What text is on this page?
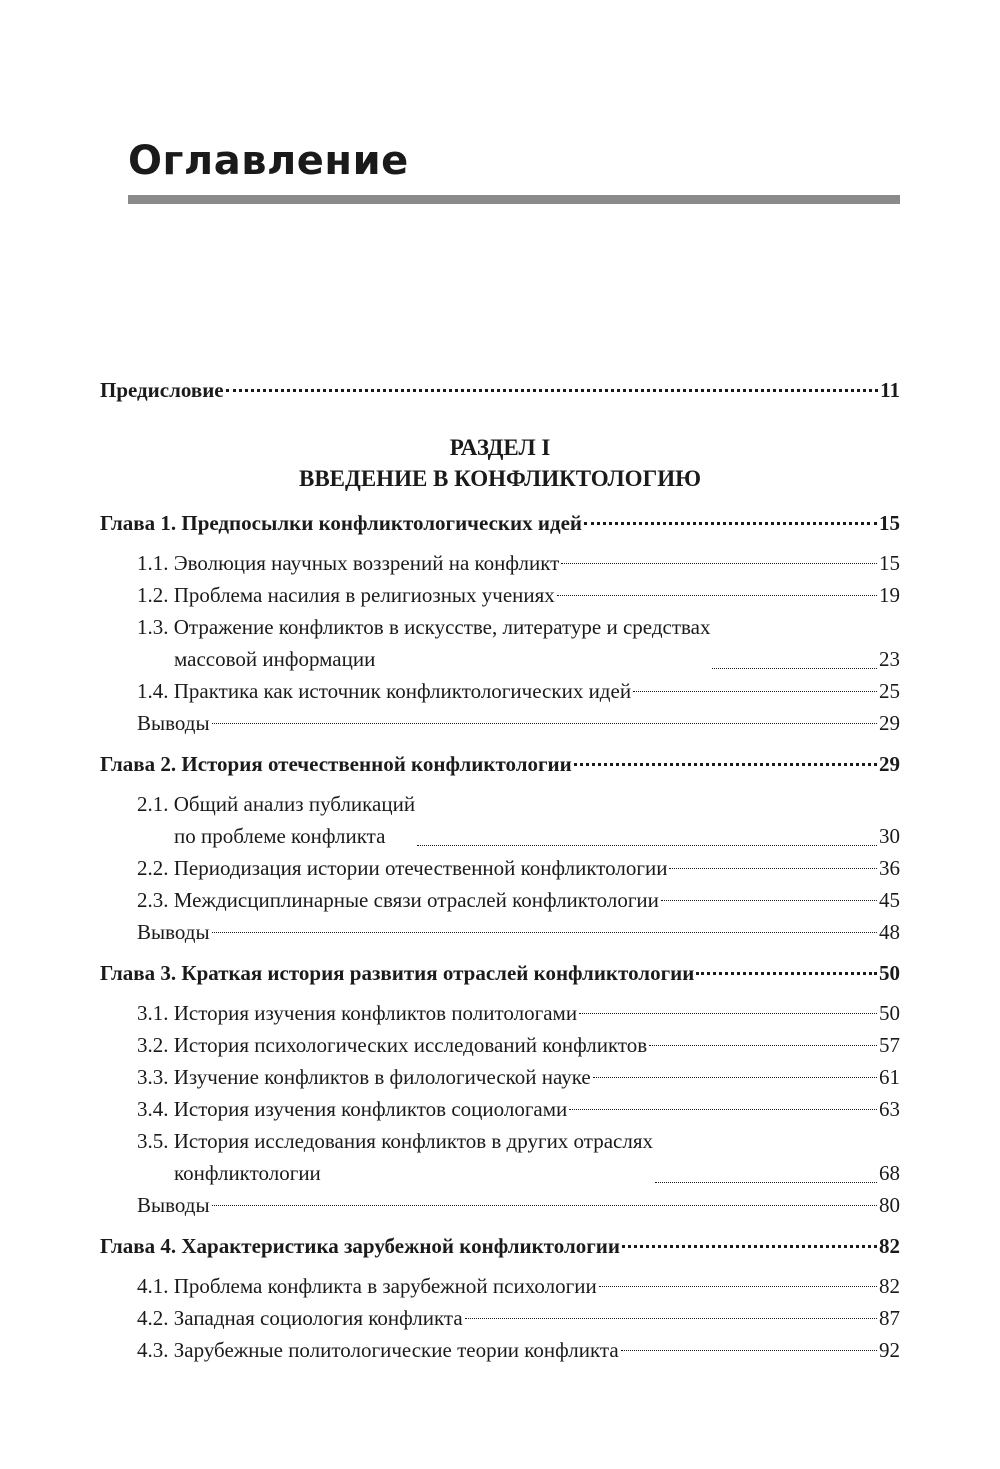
Оглавление
Предисловие	11
РАЗДЕЛ I
ВВЕДЕНИЕ В КОНФЛИКТОЛОГИЮ
Глава 1. Предпосылки конфликтологических идей	15
1.1. Эволюция научных воззрений на конфликт	15
1.2. Проблема насилия в религиозных учениях	19
1.3. Отражение конфликтов в искусстве, литературе и средствах
массовой информации	23
1.4. Практика как источник конфликтологических идей	25
Выводы	29
Глава 2. История отечественной конфликтологии	29
2.1. Общий анализ публикаций
по проблеме конфликта	30
2.2. Периодизация истории отечественной конфликтологии	36
2.3. Междисциплинарные связи отраслей конфликтологии	45
Выводы	48
Глава 3. Краткая история развития отраслей конфликтологии	50
3.1. История изучения конфликтов политологами	50
3.2. История психологических исследований конфликтов	57
3.3. Изучение конфликтов в филологической науке	61
3.4. История изучения конфликтов социологами	63
3.5. История исследования конфликтов в других отраслях
конфликтологии	68
Выводы	80
Глава 4. Характеристика зарубежной конфликтологии	82
4.1. Проблема конфликта в зарубежной психологии	82
4.2. Западная социология конфликта	87
4.3. Зарубежные политологические теории конфликта	92
